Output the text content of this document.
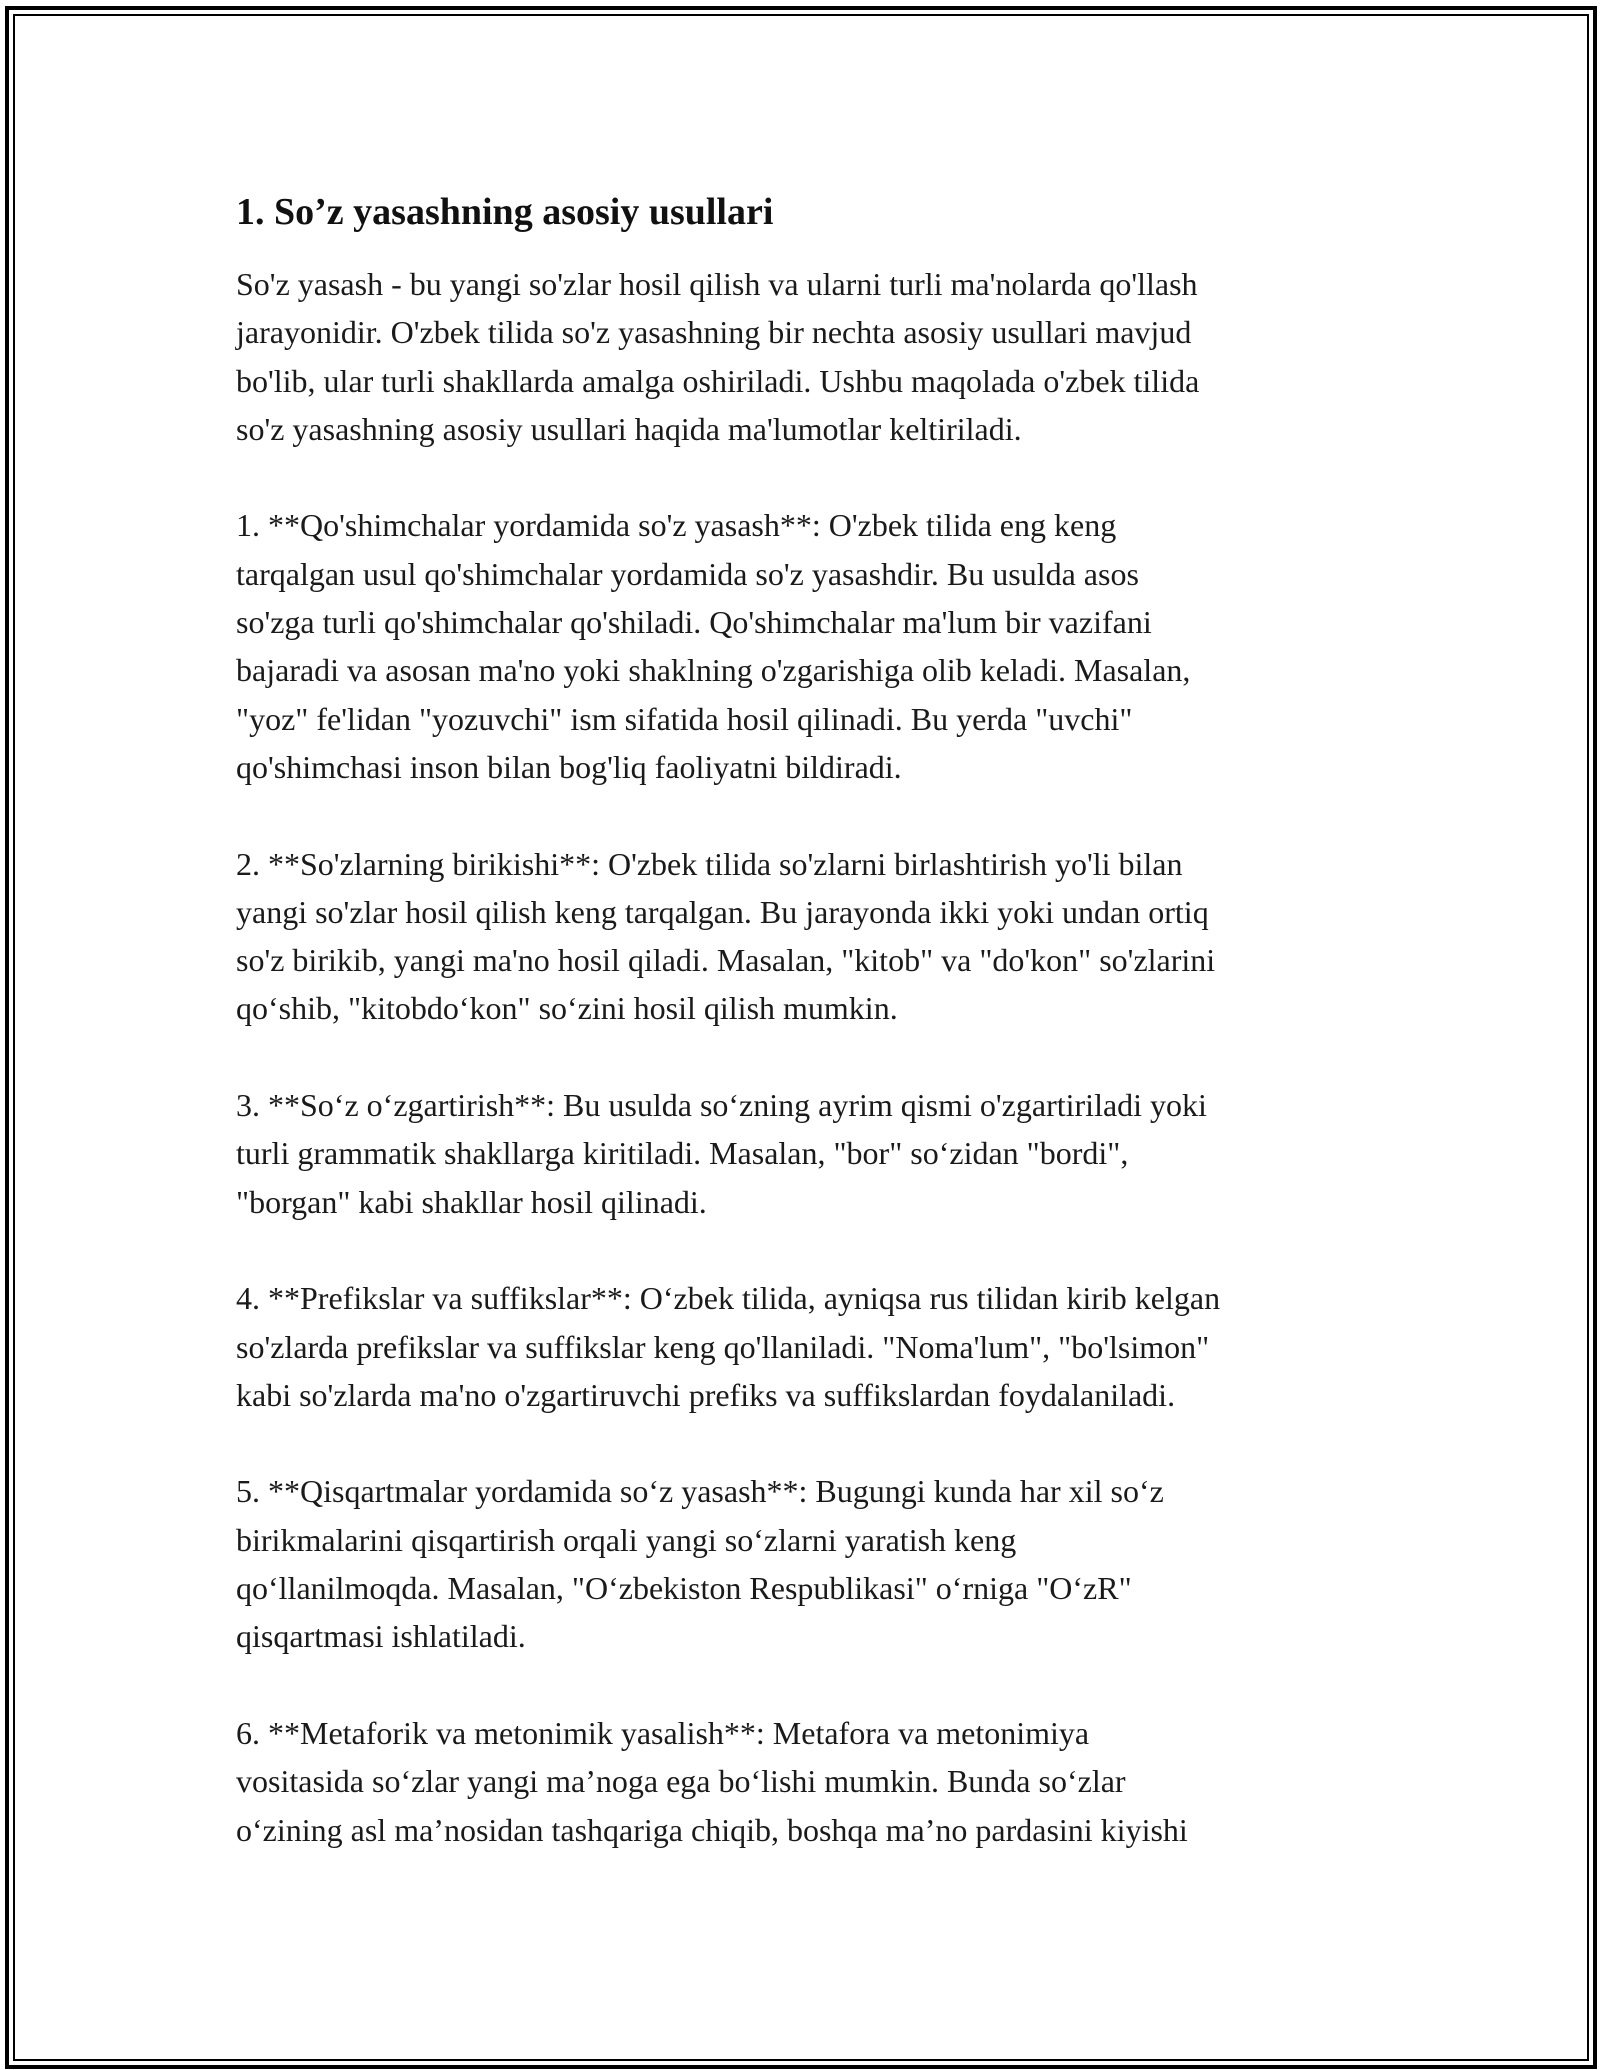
1. So’z yasashning asosiy usullari

So'z yasash - bu yangi so'zlar hosil qilish va ularni turli ma'nolarda qo'llash
jarayonidir. O'zbek tilida so'z yasashning bir nechta asosiy usullari mavjud
bo'lib, ular turli shakllarda amalga oshiriladi. Ushbu maqolada o'zbek tilida
so'z yasashning asosiy usullari haqida ma'lumotlar keltiriladi.

1. **Qo'shimchalar yordamida so'z yasash**: O'zbek tilida eng keng
tarqalgan usul qo'shimchalar yordamida so'z yasashdir. Bu usulda asos
so'zga turli qo'shimchalar qo'shiladi. Qo'shimchalar ma'lum bir vazifani
bajaradi va asosan ma'no yoki shaklning o'zgarishiga olib keladi. Masalan,
"yoz" fe'lidan "yozuvchi" ism sifatida hosil qilinadi. Bu yerda "uvchi"
qo'shimchasi inson bilan bog'liq faoliyatni bildiradi.

2. **So'zlarning birikishi**: O'zbek tilida so'zlarni birlashtirish yo'li bilan
yangi so'zlar hosil qilish keng tarqalgan. Bu jarayonda ikki yoki undan ortiq
so'z birikib, yangi ma'no hosil qiladi. Masalan, "kitob" va "do'kon" so'zlarini
qo‘shib, "kitobdo‘kon" so‘zini hosil qilish mumkin.

3. **So‘z o‘zgartirish**: Bu usulda so‘zning ayrim qismi o'zgartiriladi yoki
turli grammatik shakllarga kiritiladi. Masalan, "bor" so‘zidan "bordi",
"borgan" kabi shakllar hosil qilinadi.

4. **Prefikslar va suffikslar**: O‘zbek tilida, ayniqsa rus tilidan kirib kelgan
so'zlarda prefikslar va suffikslar keng qo'llaniladi. "Noma'lum", "bo'lsimon"
kabi so'zlarda ma'no o'zgartiruvchi prefiks va suffikslardan foydalaniladi.

5. **Qisqartmalar yordamida so‘z yasash**: Bugungi kunda har xil so‘z
birikmalarini qisqartirish orqali yangi so‘zlarni yaratish keng
qo‘llanilmoqda. Masalan, "O‘zbekiston Respublikasi" o‘rniga "O‘zR"
qisqartmasi ishlatiladi.

6. **Metaforik va metonimik yasalish**: Metafora va metonimiya
vositasida so‘zlar yangi ma’noga ega bo‘lishi mumkin. Bunda so‘zlar
o‘zining asl ma’nosidan tashqariga chiqib, boshqa ma’no pardasini kiyishi
